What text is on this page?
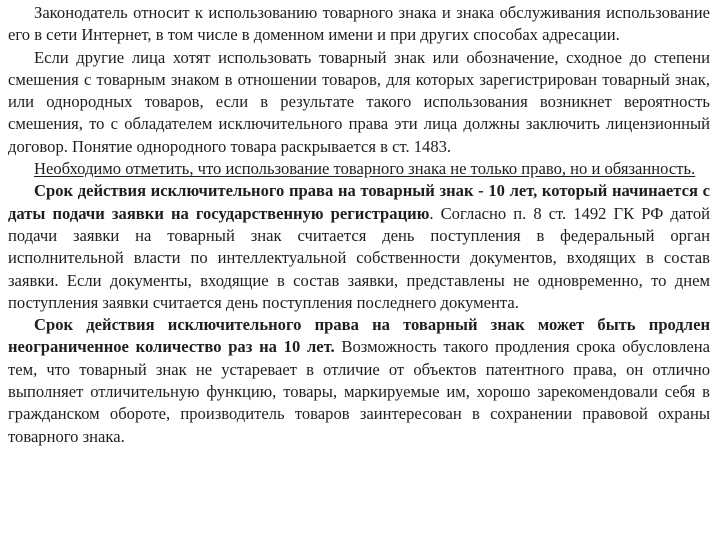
Законодатель относит к использованию товарного знака и знака обслуживания использование его в сети Интернет, в том числе в доменном имени и при других способах адресации.

Если другие лица хотят использовать товарный знак или обозначение, сходное до степени смешения с товарным знаком в отношении товаров, для которых зарегистрирован товарный знак, или однородных товаров, если в результате такого использования возникнет вероятность смешения, то с обладателем исключительного права эти лица должны заключить лицензионный договор. Понятие однородного товара раскрывается в ст. 1483.

Необходимо отметить, что использование товарного знака не только право, но и обязанность.

Срок действия исключительного права на товарный знак - 10 лет, который начинается с даты подачи заявки на государственную регистрацию. Согласно п. 8 ст. 1492 ГК РФ датой подачи заявки на товарный знак считается день поступления в федеральный орган исполнительной власти по интеллектуальной собственности документов, входящих в состав заявки. Если документы, входящие в состав заявки, представлены не одновременно, то днем поступления заявки считается день поступления последнего документа.

Срок действия исключительного права на товарный знак может быть продлен неограниченное количество раз на 10 лет. Возможность такого продления срока обусловлена тем, что товарный знак не устаревает в отличие от объектов патентного права, он отлично выполняет отличительную функцию, товары, маркируемые им, хорошо зарекомендовали себя в гражданском обороте, производитель товаров заинтересован в сохранении правовой охраны товарного знака.
